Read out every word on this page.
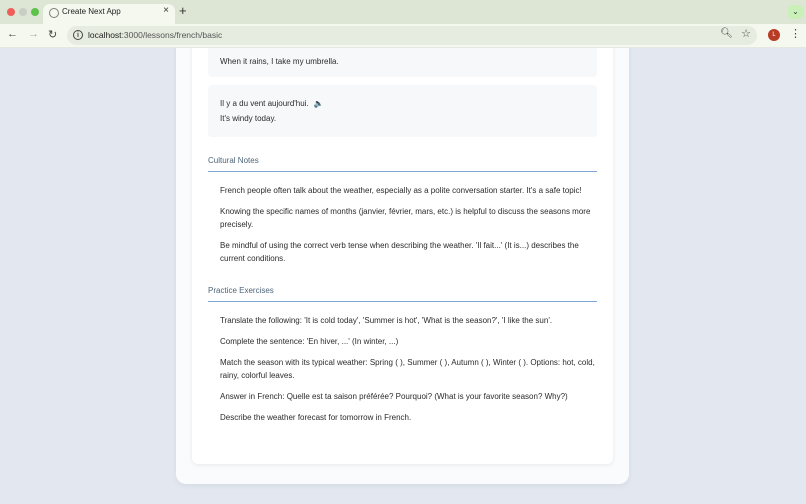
Create Next App	× +	⌄
← → ↻	i	localhost:3000/lessons/french/basic	🔍︎ ☆	L	⋮
When it rains, I take my umbrella.
Il y a du vent aujourd'hui. 🔈
It's windy today.
Cultural Notes
French people often talk about the weather, especially as a polite conversation starter. It's a safe topic!
Knowing the specific names of months (janvier, février, mars, etc.) is helpful to discuss the seasons more precisely.
Be mindful of using the correct verb tense when describing the weather. 'Il fait...' (It is...) describes the current conditions.
Practice Exercises
Translate the following: 'It is cold today', 'Summer is hot', 'What is the season?', 'I like the sun'.
Complete the sentence: 'En hiver, ...' (In winter, ...)
Match the season with its typical weather: Spring ( ), Summer ( ), Autumn ( ), Winter ( ). Options: hot, cold, rainy, colorful leaves.
Answer in French: Quelle est ta saison préférée? Pourquoi? (What is your favorite season? Why?)
Describe the weather forecast for tomorrow in French.
